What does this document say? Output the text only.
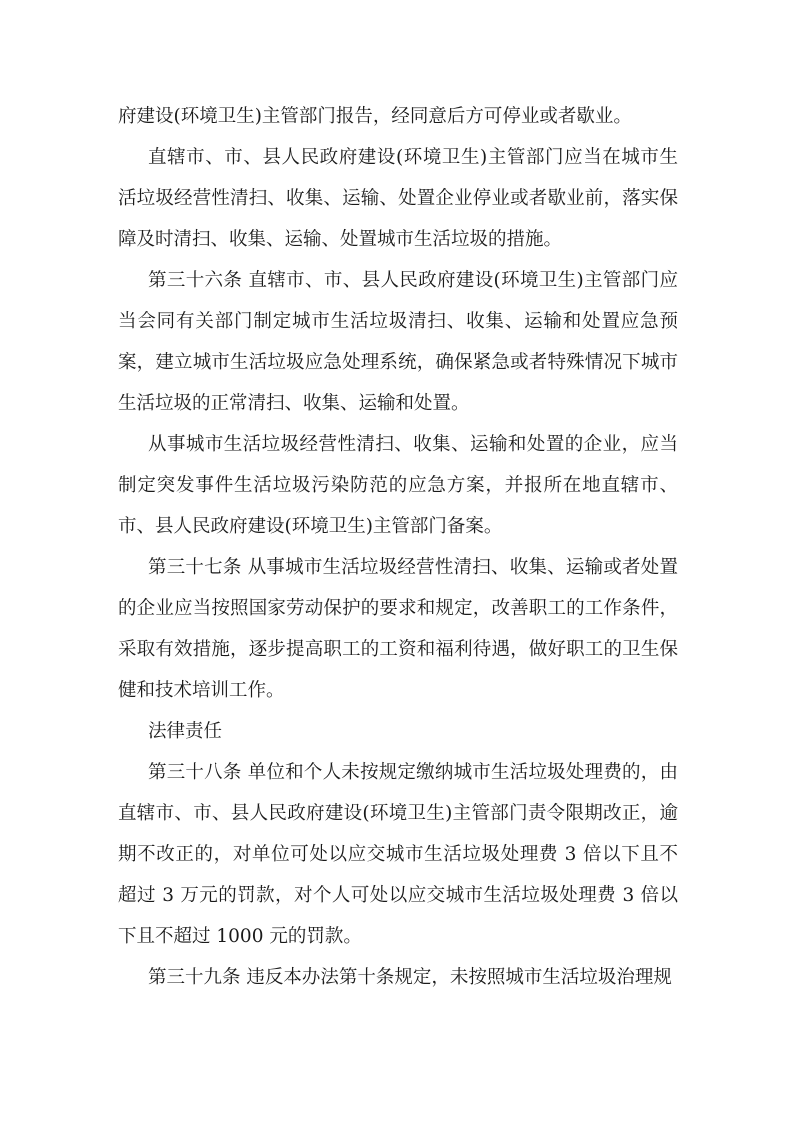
府建设(环境卫生)主管部门报告，经同意后方可停业或者歇业。

直辖市、市、县人民政府建设(环境卫生)主管部门应当在城市生活垃圾经营性清扫、收集、运输、处置企业停业或者歇业前，落实保障及时清扫、收集、运输、处置城市生活垃圾的措施。

第三十六条 直辖市、市、县人民政府建设(环境卫生)主管部门应当会同有关部门制定城市生活垃圾清扫、收集、运输和处置应急预案，建立城市生活垃圾应急处理系统，确保紧急或者特殊情况下城市生活垃圾的正常清扫、收集、运输和处置。

从事城市生活垃圾经营性清扫、收集、运输和处置的企业，应当制定突发事件生活垃圾污染防范的应急方案，并报所在地直辖市、市、县人民政府建设(环境卫生)主管部门备案。

第三十七条 从事城市生活垃圾经营性清扫、收集、运输或者处置的企业应当按照国家劳动保护的要求和规定，改善职工的工作条件，采取有效措施，逐步提高职工的工资和福利待遇，做好职工的卫生保健和技术培训工作。

法律责任

第三十八条 单位和个人未按规定缴纳城市生活垃圾处理费的，由直辖市、市、县人民政府建设(环境卫生)主管部门责令限期改正，逾期不改正的，对单位可处以应交城市生活垃圾处理费 3 倍以下且不超过 3 万元的罚款，对个人可处以应交城市生活垃圾处理费 3 倍以下且不超过 1000 元的罚款。

第三十九条 违反本办法第十条规定，未按照城市生活垃圾治理规
